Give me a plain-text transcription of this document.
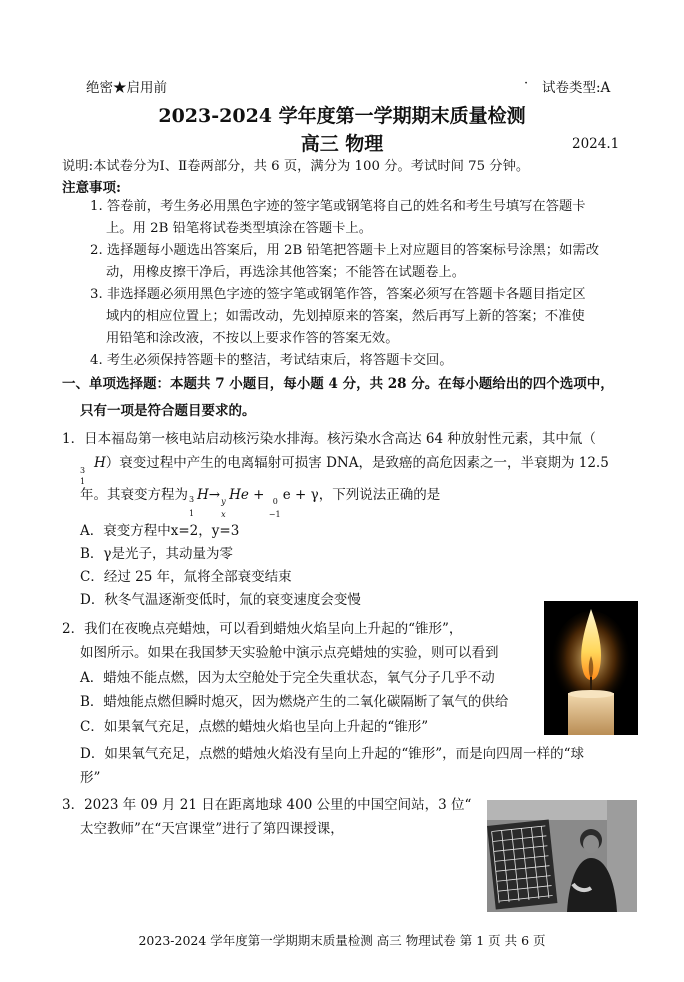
绝密★启用前	· 试卷类型:A
2023-2024 学年度第一学期期末质量检测
高三 物理	2024.1
说明:本试卷分为Ⅰ、Ⅱ卷两部分，共 6 页，满分为 100 分。考试时间 75 分钟。
注意事项:
1. 答卷前，考生务必用黑色字迹的签字笔或钢笔将自己的姓名和考生号填写在答题卡
上。用 2B 铅笔将试卷类型填涂在答题卡上。
2. 选择题每小题选出答案后，用 2B 铅笔把答题卡上对应题目的答案标号涂黑；如需改
动，用橡皮擦干净后，再选涂其他答案；不能答在试题卷上。
3. 非选择题必须用黑色字迹的签字笔或钢笔作答，答案必须写在答题卡各题目指定区
域内的相应位置上；如需改动，先划掉原来的答案，然后再写上新的答案；不准使
用铅笔和涂改液，不按以上要求作答的答案无效。
4. 考生必须保持答题卡的整洁，考试结束后，将答题卡交回。
一、单项选择题：本题共 7 小题目，每小题 4 分，共 28 分。在每小题给出的四个选项中，
只有一项是符合题目要求的。
1．日本福岛第一核电站启动核污染水排海。核污染水含高达 64 种放射性元素，其中氚（
3
1
H）衰变过程中产生的电离辐射可损害 DNA，是致癌的高危因素之一，半衰期为 12.5
年。其衰变方程为 3
1
H→ y
x
He + 0
−1
e + γ，下列说法正确的是
A．衰变方程中x=2，y=3
B．γ是光子，其动量为零
C．经过 25 年，氚将全部衰变结束
D．秋冬气温逐渐变低时，氚的衰变速度会变慢
2．我们在夜晚点亮蜡烛，可以看到蜡烛火焰呈向上升起的“锥形”，
如图所示。如果在我国梦天实验舱中演示点亮蜡烛的实验，则可以看到
A．蜡烛不能点燃，因为太空舱处于完全失重状态，氧气分子几乎不动
B．蜡烛能点燃但瞬时熄灭，因为燃烧产生的二氧化碳隔断了氧气的供给
C．如果氧气充足，点燃的蜡烛火焰也呈向上升起的“锥形”
D．如果氧气充足，点燃的蜡烛火焰没有呈向上升起的“锥形”，而是向四周一样的“球
形”
3．2023 年 09 月 21 日在距离地球 400 公里的中国空间站，3 位“
太空教师”在“天宫课堂”进行了第四课授课，
2023-2024 学年度第一学期期末质量检测 高三 物理试卷 第 1 页 共 6 页
